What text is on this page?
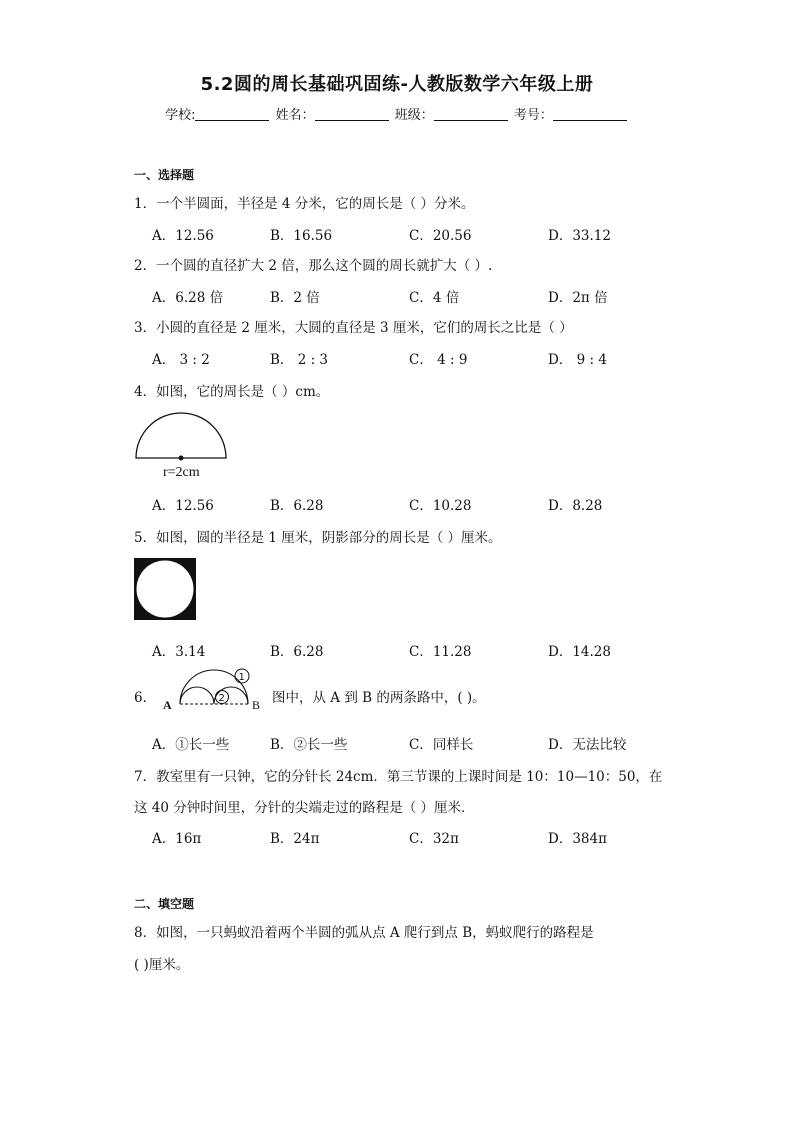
5.2圆的周长基础巩固练-人教版数学六年级上册
学校:	姓名：	班级：	考号：
一、选择题
1．一个半圆面，半径是 4 分米，它的周长是（ ）分米。
A．12.56	B．16.56	C．20.56	D．33.12
2．一个圆的直径扩大 2 倍，那么这个圆的周长就扩大（ ）.
A．6.28 倍	B．2 倍	C．4 倍	D．2π 倍
3．小圆的直径是 2 厘米，大圆的直径是 3 厘米，它们的周长之比是（ ）
A． 3 : 2	B． 2 : 3	C． 4 : 9	D． 9 : 4
4．如图，它的周长是（ ）cm。
r=2cm
A．12.56	B．6.28	C．10.28	D．8.28
5．如图，圆的半径是 1 厘米，阴影部分的周长是（ ）厘米。
A．3.14	B．6.28	C．11.28	D．14.28
6．
1
2
A	B 图中，从 A 到 B 的两条路中，( )。
A．①长一些	B．②长一些	C．同样长	D．无法比较
7．教室里有一只钟，它的分针长 24cm．第三节课的上课时间是 10：10—10：50，在
这 40 分钟时间里，分针的尖端走过的路程是（ ）厘米．
A．16π	B．24π	C．32π	D．384π
二、填空题
8．如图，一只蚂蚁沿着两个半圆的弧从点 A 爬行到点 B，蚂蚁爬行的路程是
( )厘米。
